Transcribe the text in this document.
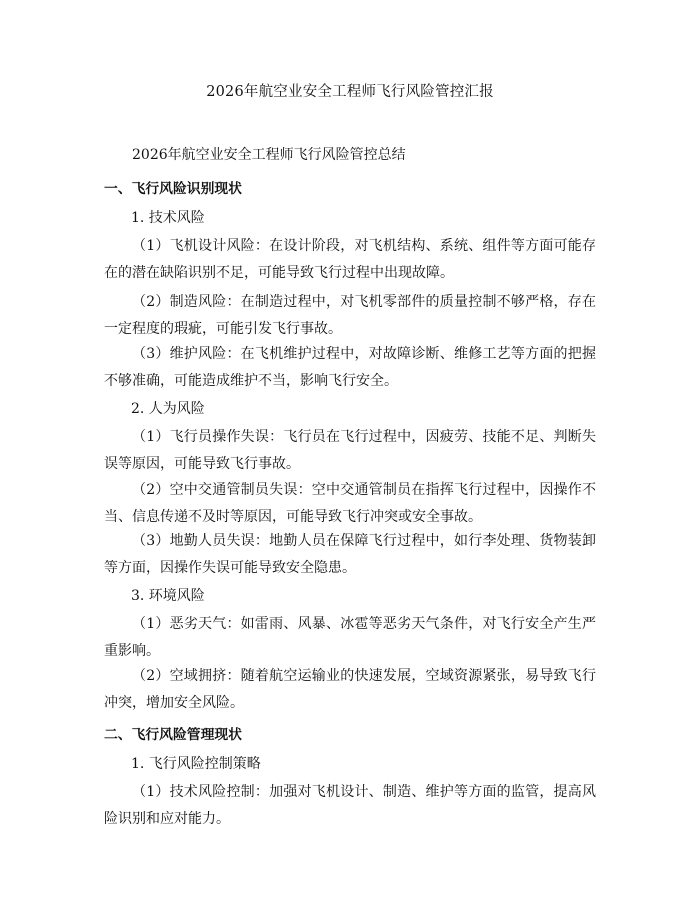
2026年航空业安全工程师飞行风险管控汇报
2026年航空业安全工程师飞行风险管控总结
一、飞行风险识别现状
1. 技术风险
（1）飞机设计风险：在设计阶段，对飞机结构、系统、组件等方面可能存在的潜在缺陷识别不足，可能导致飞行过程中出现故障。
（2）制造风险：在制造过程中，对飞机零部件的质量控制不够严格，存在一定程度的瑕疵，可能引发飞行事故。
（3）维护风险：在飞机维护过程中，对故障诊断、维修工艺等方面的把握不够准确，可能造成维护不当，影响飞行安全。
2. 人为风险
（1）飞行员操作失误：飞行员在飞行过程中，因疲劳、技能不足、判断失误等原因，可能导致飞行事故。
（2）空中交通管制员失误：空中交通管制员在指挥飞行过程中，因操作不当、信息传递不及时等原因，可能导致飞行冲突或安全事故。
（3）地勤人员失误：地勤人员在保障飞行过程中，如行李处理、货物装卸等方面，因操作失误可能导致安全隐患。
3. 环境风险
（1）恶劣天气：如雷雨、风暴、冰雹等恶劣天气条件，对飞行安全产生严重影响。
（2）空域拥挤：随着航空运输业的快速发展，空域资源紧张，易导致飞行冲突，增加安全风险。
二、飞行风险管理现状
1. 飞行风险控制策略
（1）技术风险控制：加强对飞机设计、制造、维护等方面的监管，提高风险识别和应对能力。
